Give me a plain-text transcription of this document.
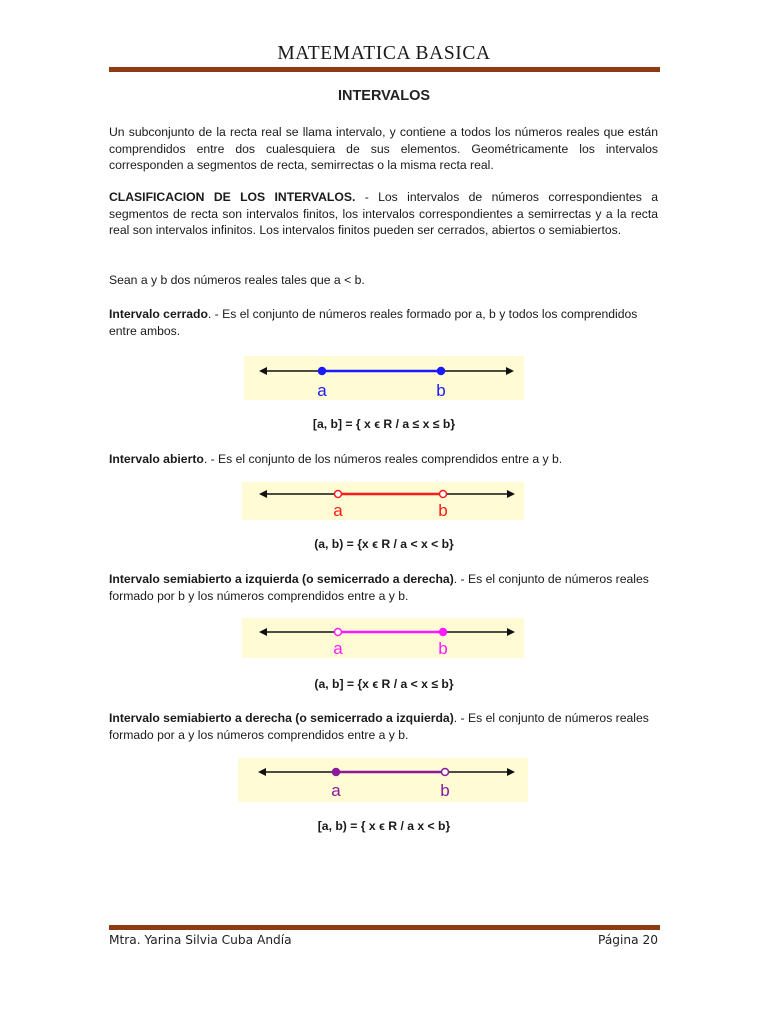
MATEMATICA BASICA
INTERVALOS

Un subconjunto de la recta real se llama intervalo, y contiene a todos los números reales que están comprendidos entre dos cualesquiera de sus elementos. Geométricamente los intervalos corresponden a segmentos de recta, semirrectas o la misma recta real.

CLASIFICACION DE LOS INTERVALOS. - Los intervalos de números correspondientes a segmentos de recta son intervalos finitos, los intervalos correspondientes a semirrectas y a la recta real son intervalos infinitos. Los intervalos finitos pueden ser cerrados, abiertos o semiabiertos.

Sean a y b dos números reales tales que a < b.

Intervalo cerrado. - Es el conjunto de números reales formado por a, b y todos los comprendidos entre ambos.

a	b
[a, b] = { x ϵ R / a ≤ x ≤ b}

Intervalo abierto. - Es el conjunto de los números reales comprendidos entre a y b.

a	b
(a, b) = {x ϵ R / a < x < b}

Intervalo semiabierto a izquierda (o semicerrado a derecha). - Es el conjunto de números reales formado por b y los números comprendidos entre a y b.

a	b
(a, b] = {x ϵ R / a < x ≤ b}

Intervalo semiabierto a derecha (o semicerrado a izquierda). - Es el conjunto de números reales formado por a y los números comprendidos entre a y b.

a	b
[a, b) = { x ϵ R / a x < b}
Mtra. Yarina Silvia Cuba Andía	Página 20
